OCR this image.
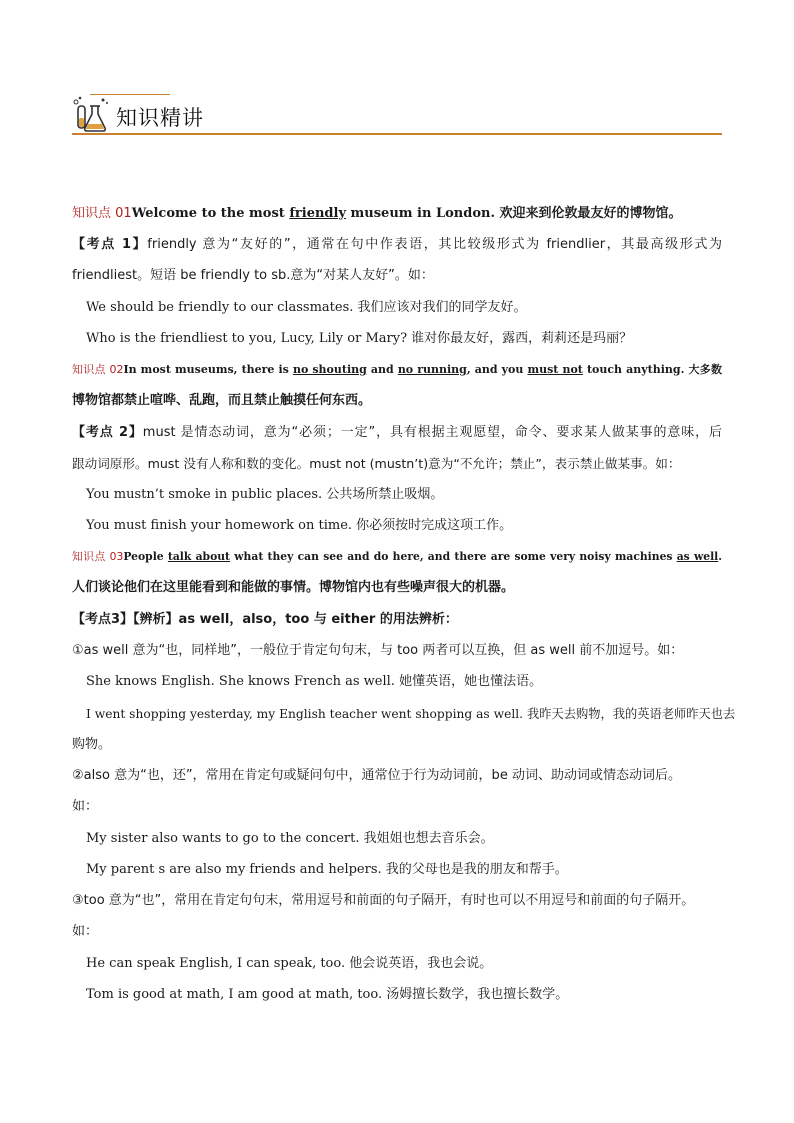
知识精讲
知识点 01Welcome to the most friendly museum in London. 欢迎来到伦敦最友好的博物馆。
【考点 1】friendly 意为“友好的”，通常在句中作表语，其比较级形式为 friendlier，其最高级形式为
friendliest。短语 be friendly to sb.意为“对某人友好”。如：
We should be friendly to our classmates. 我们应该对我们的同学友好。
Who is the friendliest to you, Lucy, Lily or Mary? 谁对你最友好，露西，莉莉还是玛丽？
知识点 02In most museums, there is no shouting and no running, and you must not touch anything. 大多数
博物馆都禁止喧哗、乱跑，而且禁止触摸任何东西。
【考点 2】must 是情态动词，意为“必须；一定”，具有根据主观愿望，命令、要求某人做某事的意味，后
跟动词原形。must 没有人称和数的变化。must not (mustn’t)意为“不允许；禁止”，表示禁止做某事。如：
You mustn’t smoke in public places. 公共场所禁止吸烟。
You must finish your homework on time. 你必须按时完成这项工作。
知识点 03People talk about what they can see and do here, and there are some very noisy machines as well.
人们谈论他们在这里能看到和能做的事情。博物馆内也有些噪声很大的机器。
【考点3】【辨析】as well，also，too 与 either 的用法辨析：
①as well 意为“也，同样地”，一般位于肯定句句末，与 too 两者可以互换，但 as well 前不加逗号。如：
She knows English. She knows French as well. 她懂英语，她也懂法语。
I went shopping yesterday, my English teacher went shopping as well. 我昨天去购物，我的英语老师昨天也去
购物。
②also 意为“也，还”，常用在肯定句或疑问句中，通常位于行为动词前，be 动词、助动词或情态动词后。
如：
My sister also wants to go to the concert. 我姐姐也想去音乐会。
My parent s are also my friends and helpers. 我的父母也是我的朋友和帮手。
③too 意为“也”，常用在肯定句句末，常用逗号和前面的句子隔开，有时也可以不用逗号和前面的句子隔开。
如：
He can speak English, I can speak, too. 他会说英语，我也会说。
Tom is good at math, I am good at math, too. 汤姆擅长数学，我也擅长数学。
